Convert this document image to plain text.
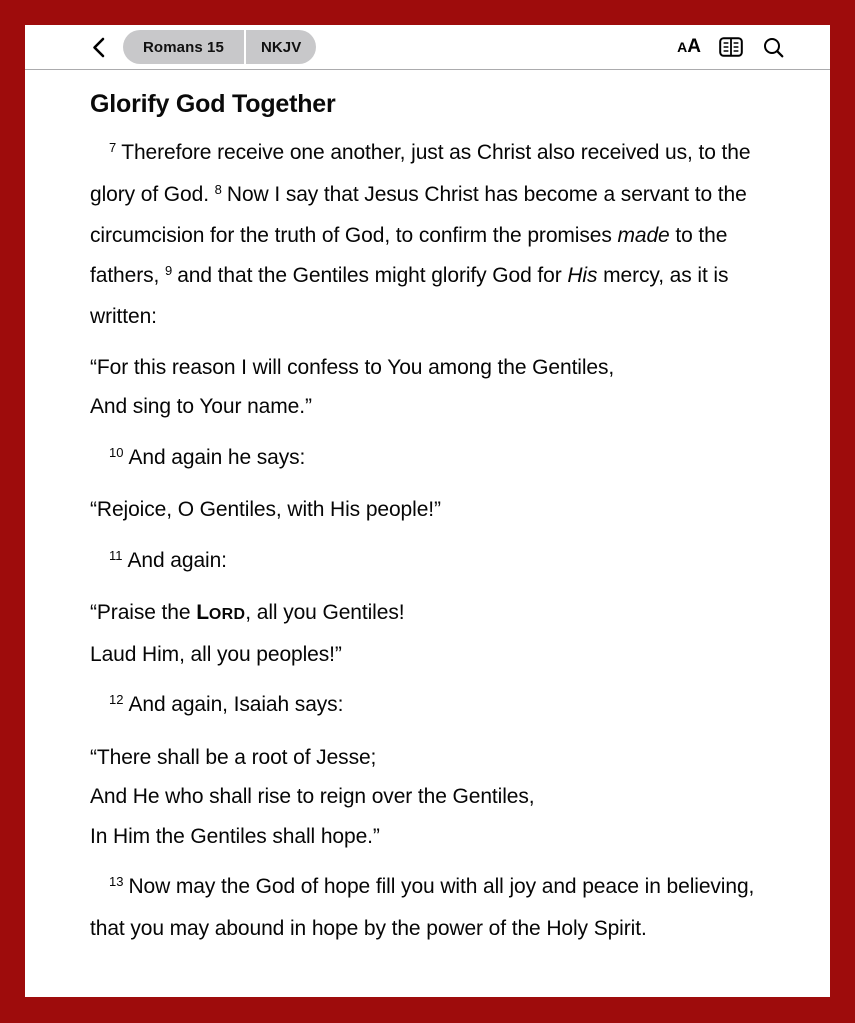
Romans 15	NKJV	A A
Glorify God Together

$^7$ Therefore receive one another, just as Christ also received us, to the glory of God. $^8$ Now I say that Jesus Christ has become a servant to the circumcision for the truth of God, to confirm the promises made to the fathers, $^9$ and that the Gentiles might glorify God for His mercy, as it is written:

“For this reason I will confess to You among the Gentiles,
And sing to Your name.”

$^{10}$ And again he says:

“Rejoice, O Gentiles, with His people!”

$^{11}$ And again:

“Praise the LORD, all you Gentiles!
Laud Him, all you peoples!”

$^{12}$ And again, Isaiah says:

“There shall be a root of Jesse;
And He who shall rise to reign over the Gentiles,
In Him the Gentiles shall hope.”

$^{13}$ Now may the God of hope fill you with all joy and peace in believing, that you may abound in hope by the power of the Holy Spirit.
